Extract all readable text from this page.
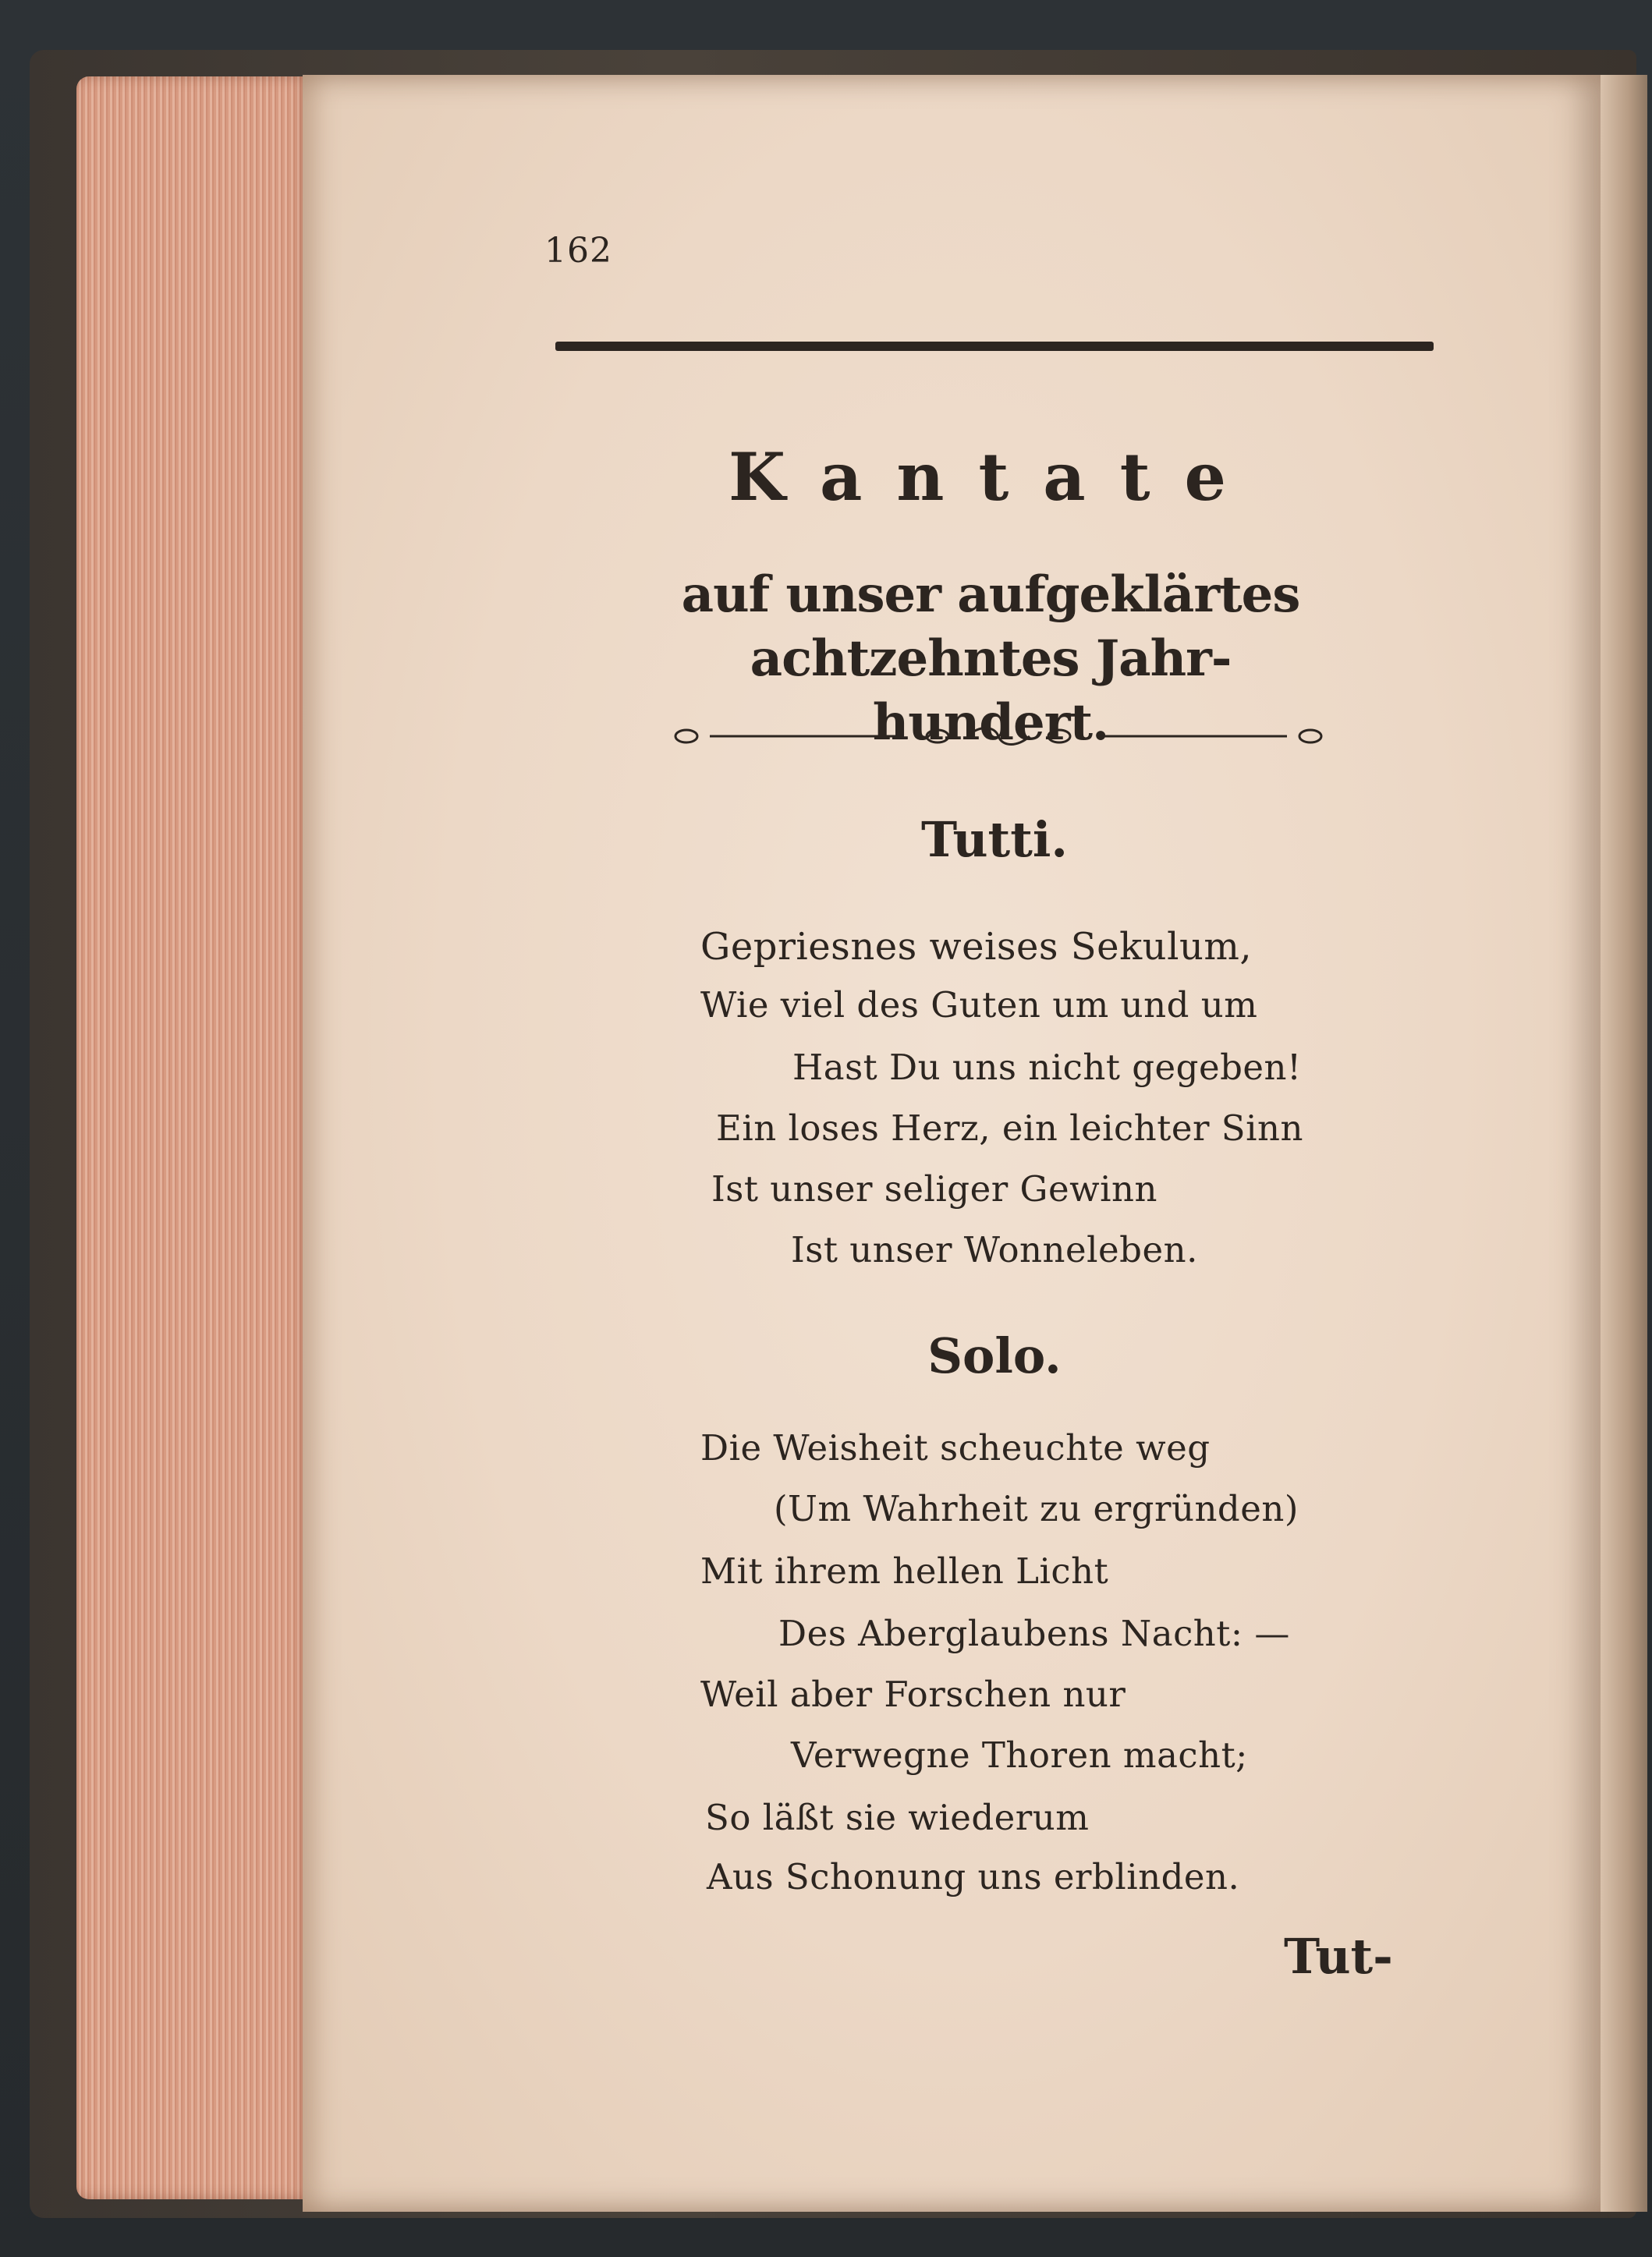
162
Kantate
auf unser aufgeklärtes achtzehntes Jahr-
hundert.
Tutti.
Gepriesnes weises Sekulum,
Wie viel des Guten um und um
Hast Du uns nicht gegeben!
Ein loses Herz, ein leichter Sinn
Ist unser seliger Gewinn
Ist unser Wonneleben.
Solo.
Die Weisheit scheuchte weg
(Um Wahrheit zu ergründen)
Mit ihrem hellen Licht
Des Aberglaubens Nacht: —
Weil aber Forschen nur
Verwegne Thoren macht;
So läßt sie wiederum
Aus Schonung uns erblinden.
Tut-
